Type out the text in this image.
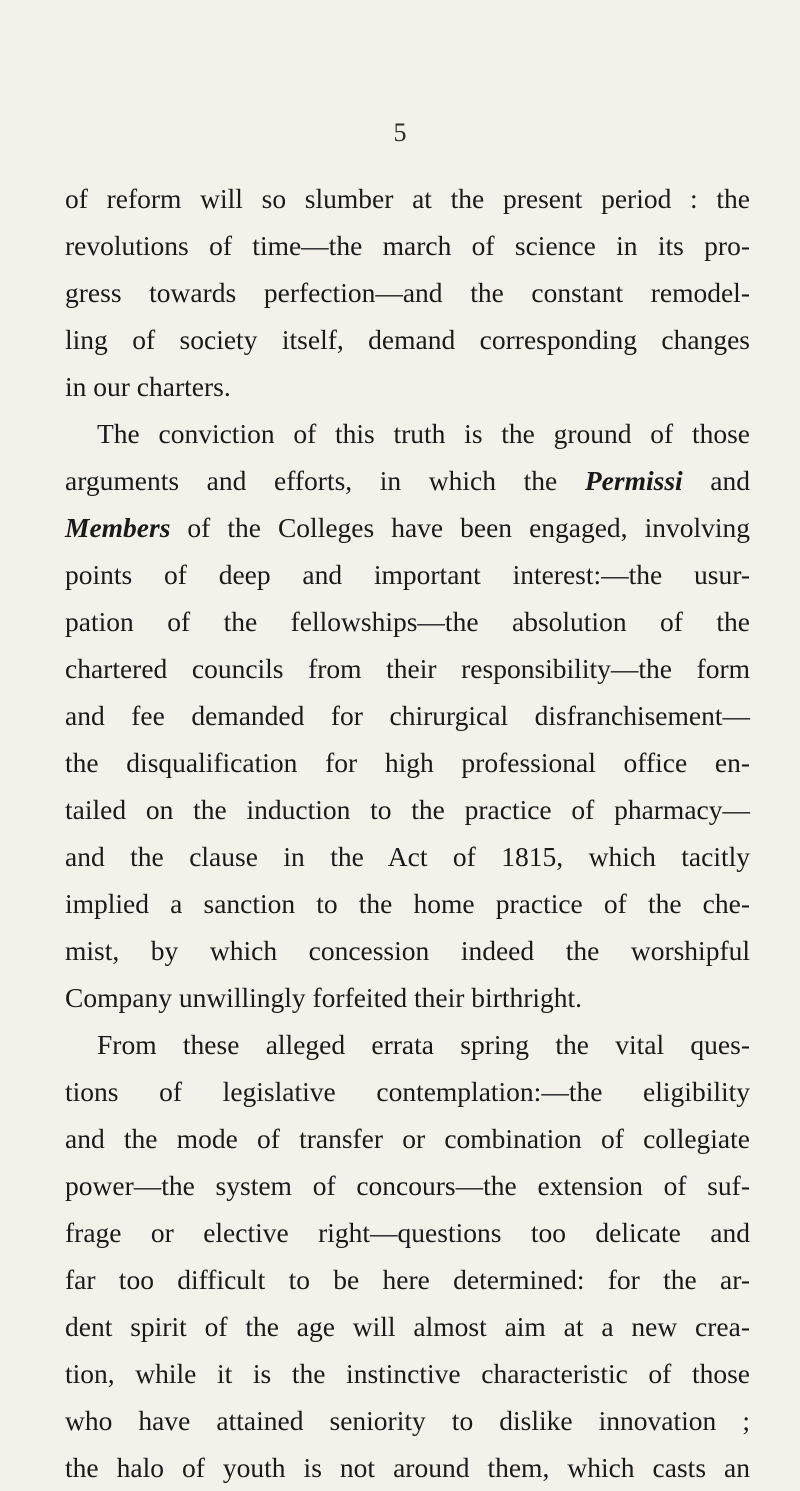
5
of reform will so slumber at the present period : the
revolutions of time—the march of science in its pro-
gress towards perfection—and the constant remodel-
ling of society itself, demand corresponding changes
in our charters.
The conviction of this truth is the ground of those
arguments and efforts, in which the Permissi and
Members of the Colleges have been engaged, involving
points of deep and important interest:—the usur-
pation of the fellowships—the absolution of the
chartered councils from their responsibility—the form
and fee demanded for chirurgical disfranchisement—
the disqualification for high professional office en-
tailed on the induction to the practice of pharmacy—
and the clause in the Act of 1815, which tacitly
implied a sanction to the home practice of the che-
mist, by which concession indeed the worshipful
Company unwillingly forfeited their birthright.
From these alleged errata spring the vital ques-
tions of legislative contemplation:—the eligibility
and the mode of transfer or combination of collegiate
power—the system of concours—the extension of suf-
frage or elective right—questions too delicate and
far too difficult to be here determined: for the ar-
dent spirit of the age will almost aim at a new crea-
tion, while it is the instinctive characteristic of those
who have attained seniority to dislike innovation ;
the halo of youth is not around them, which casts an
